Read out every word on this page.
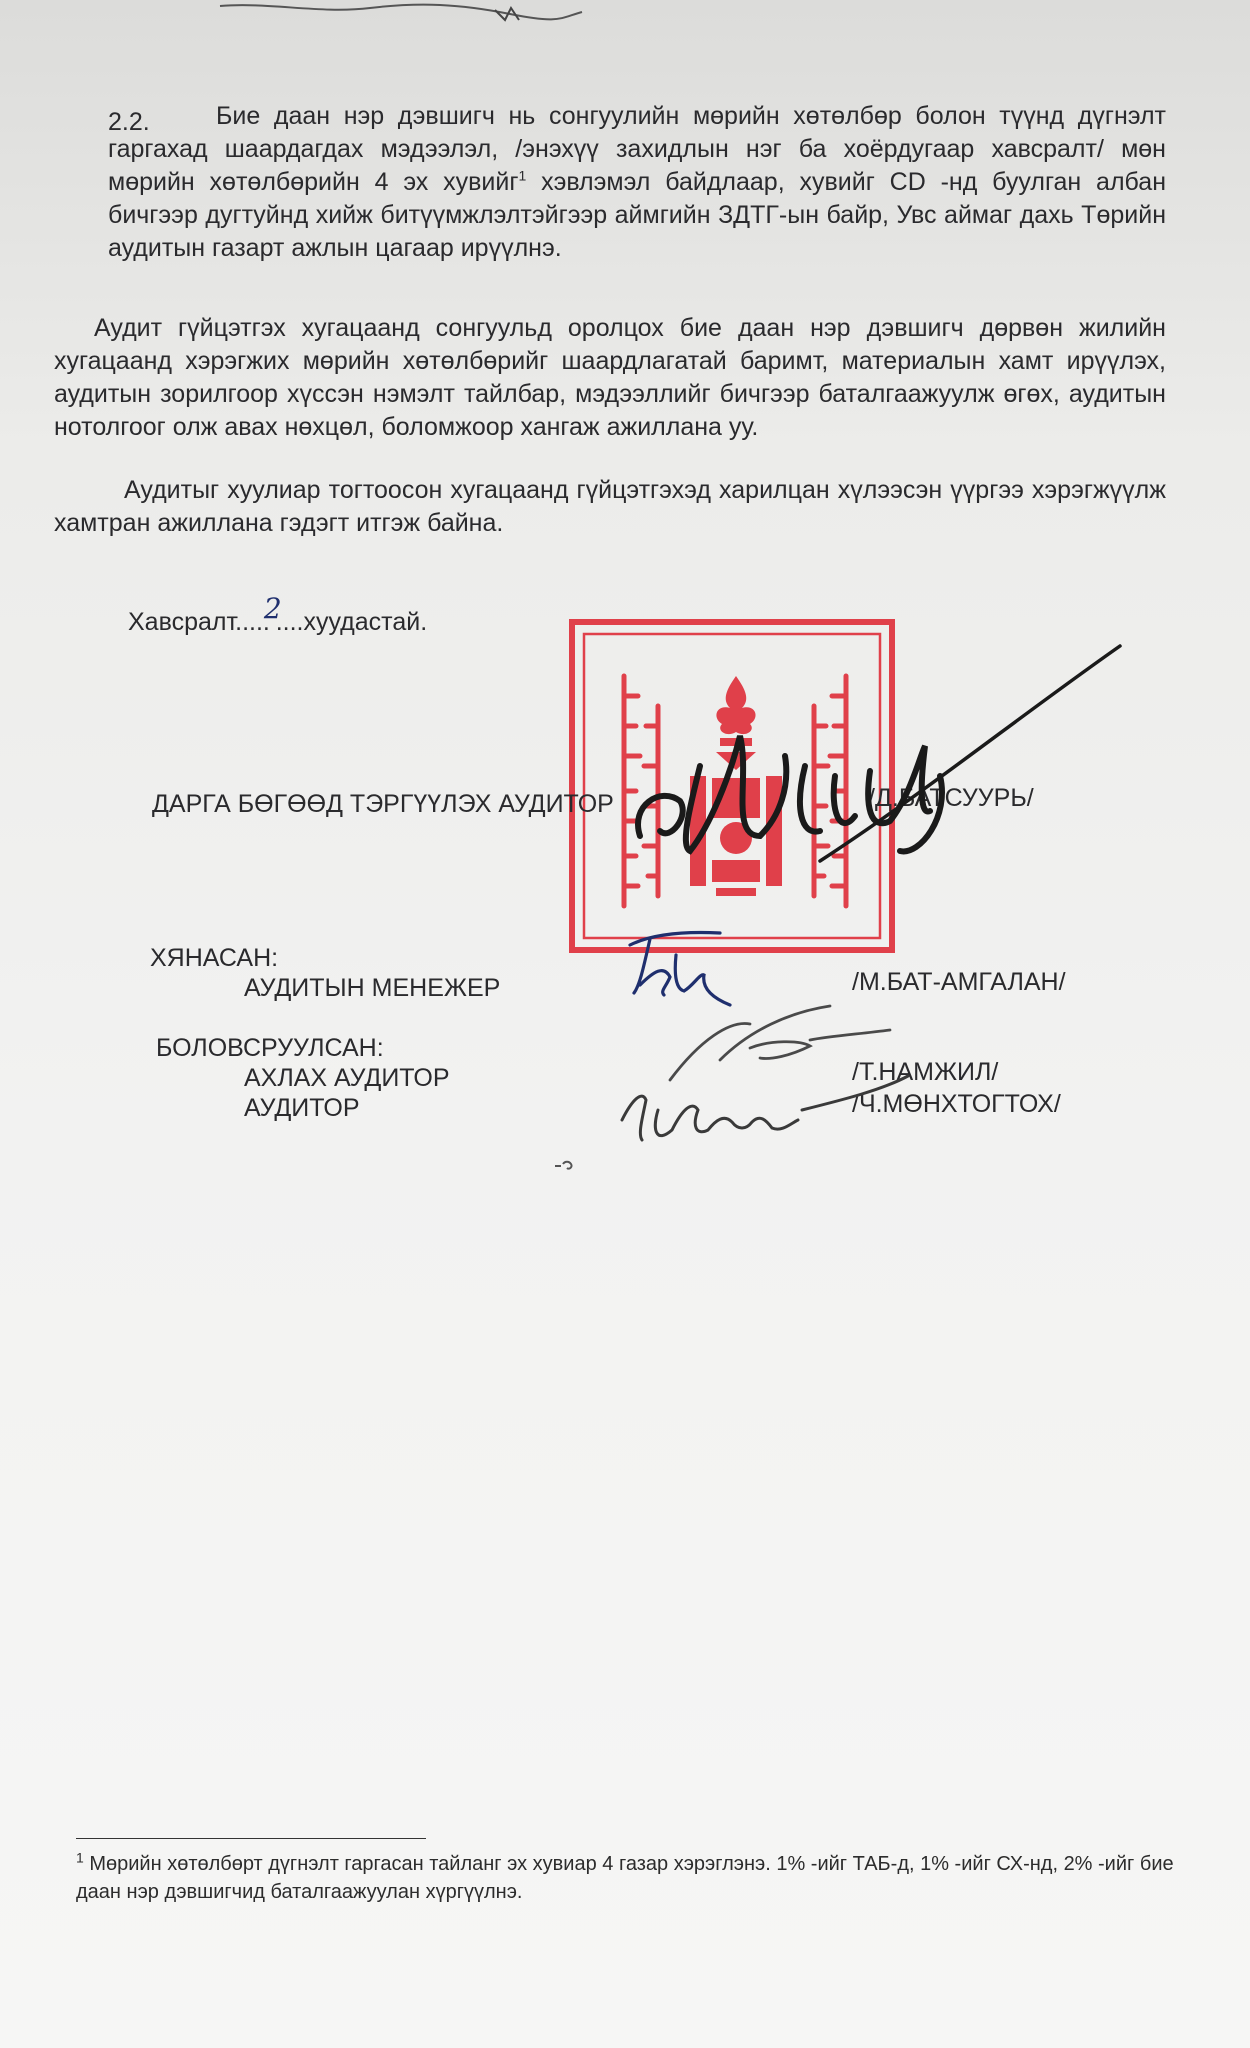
2.2.	Бие даан нэр дэвшигч нь сонгуулийн мөрийн хөтөлбөр болон түүнд дүгнэлт гаргахад шаардагдах мэдээлэл, /энэхүү захидлын нэг ба хоёрдугаар хавсралт/ мөн мөрийн хөтөлбөрийн 4 эх хувийг$^1$ хэвлэмэл байдлаар, хувийг CD -нд буулган албан бичгээр дугтуйнд хийж битүүмжлэлтэйгээр аймгийн ЗДТГ-ын байр, Увс аймаг дахь Төрийн аудитын газарт ажлын цагаар ирүүлнэ.
Аудит гүйцэтгэх хугацаанд сонгуульд оролцох бие даан нэр дэвшигч дөрвөн жилийн хугацаанд хэрэгжих мөрийн хөтөлбөрийг шаардлагатай баримт, материалын хамт ирүүлэх, аудитын зорилгоор хүссэн нэмэлт тайлбар, мэдээллийг бичгээр баталгаажуулж өгөх, аудитын нотолгоог олж авах нөхцөл, боломжоор хангаж ажиллана уу.
Аудитыг хуулиар тогтоосон хугацаанд гүйцэтгэхэд харилцан хүлээсэн үүргээ хэрэгжүүлж хамтран ажиллана гэдэгт итгэж байна.
Хавсралт.....2....хуудастай.
ДАРГА БӨГӨӨД ТЭРГҮҮЛЭХ АУДИТОР	/Д.БАТСУУРЬ/
ХЯНАСАН:
АУДИТЫН МЕНЕЖЕР	/М.БАТ-АМГАЛАН/
БОЛОВСРУУЛСАН:
АХЛАХ АУДИТОР	/Т.НАМЖИЛ/
АУДИТОР	/Ч.МӨНХТОГТОХ/
$^1$ Мөрийн хөтөлбөрт дүгнэлт гаргасан тайланг эх хувиар 4 газар хэрэглэнэ. 1% -ийг ТАБ-д, 1% -ийг СХ-нд, 2% -ийг бие даан нэр дэвшигчид баталгаажуулан хүргүүлнэ.
